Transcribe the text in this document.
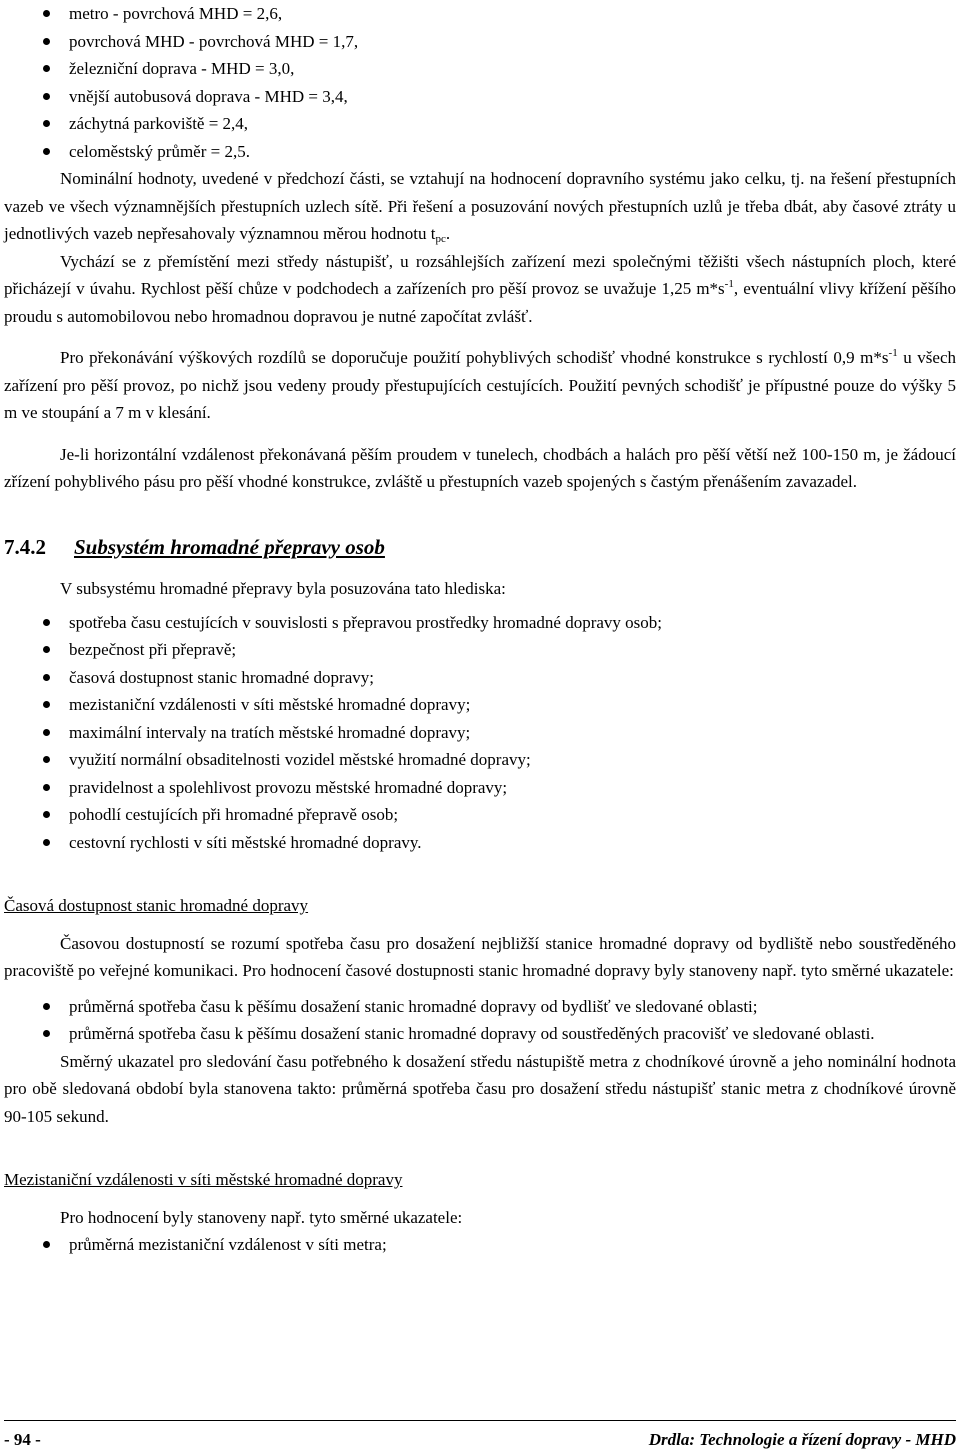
metro - povrchová MHD = 2,6,
povrchová MHD - povrchová MHD = 1,7,
železniční doprava - MHD = 3,0,
vnější autobusová doprava - MHD = 3,4,
záchytná parkoviště = 2,4,
celoměstský průměr = 2,5.

Nominální hodnoty, uvedené v předchozí části, se vztahují na hodnocení dopravního systému jako celku, tj. na řešení přestupních vazeb ve všech významnějších přestupních uzlech sítě. Při řešení a posuzování nových přestupních uzlů je třeba dbát, aby časové ztráty u jednotlivých vazeb nepřesahovaly významnou měrou hodnotu $t_{pc}$.

Vychází se z přemístění mezi středy nástupišť, u rozsáhlejších zařízení mezi společnými těžišti všech nástupních ploch, které přicházejí v úvahu. Rychlost pěší chůze v podchodech a zařízeních pro pěší provoz se uvažuje 1,25 $m*s^{-1}$, eventuální vlivy křížení pěšího proudu s automobilovou nebo hromadnou dopravou je nutné započítat zvlášť.

Pro překonávání výškových rozdílů se doporučuje použití pohyblivých schodišť vhodné konstrukce s rychlostí 0,9 $m*s^{-1}$ u všech zařízení pro pěší provoz, po nichž jsou vedeny proudy přestupujících cestujících. Použití pevných schodišť je přípustné pouze do výšky 5 m ve stoupání a 7 m v klesání.

Je-li horizontální vzdálenost překonávaná pěším proudem v tunelech, chodbách a halách pro pěší větší než 100-150 m, je žádoucí zřízení pohyblivého pásu pro pěší vhodné konstrukce, zvláště u přestupních vazeb spojených s častým přenášením zavazadel.

7.4.2 Subsystém hromadné přepravy osob

V subsystému hromadné přepravy byla posuzována tato hlediska:

spotřeba času cestujících v souvislosti s přepravou prostředky hromadné dopravy osob;
bezpečnost při přepravě;
časová dostupnost stanic hromadné dopravy;
mezistaniční vzdálenosti v síti městské hromadné dopravy;
maximální intervaly na tratích městské hromadné dopravy;
využití normální obsaditelnosti vozidel městské hromadné dopravy;
pravidelnost a spolehlivost provozu městské hromadné dopravy;
pohodlí cestujících při hromadné přepravě osob;
cestovní rychlosti v síti městské hromadné dopravy.
Časová dostupnost stanic hromadné dopravy

Časovou dostupností se rozumí spotřeba času pro dosažení nejbližší stanice hromadné dopravy od bydliště nebo soustředěného pracoviště po veřejné komunikaci. Pro hodnocení časové dostupnosti stanic hromadné dopravy byly stanoveny např. tyto směrné ukazatele:

průměrná spotřeba času k pěšímu dosažení stanic hromadné dopravy od bydlišť ve sledované oblasti;
průměrná spotřeba času k pěšímu dosažení stanic hromadné dopravy od soustředěných pracovišť ve sledované oblasti.

Směrný ukazatel pro sledování času potřebného k dosažení středu nástupiště metra z chodníkové úrovně a jeho nominální hodnota pro obě sledovaná období byla stanovena takto: průměrná spotřeba času pro dosažení středu nástupišť stanic metra z chodníkové úrovně 90-105 sekund.

Mezistaniční vzdálenosti v síti městské hromadné dopravy

Pro hodnocení byly stanoveny např. tyto směrné ukazatele:

průměrná mezistaniční vzdálenost v síti metra;
- 94 -	Drdla: Technologie a řízení dopravy - MHD
